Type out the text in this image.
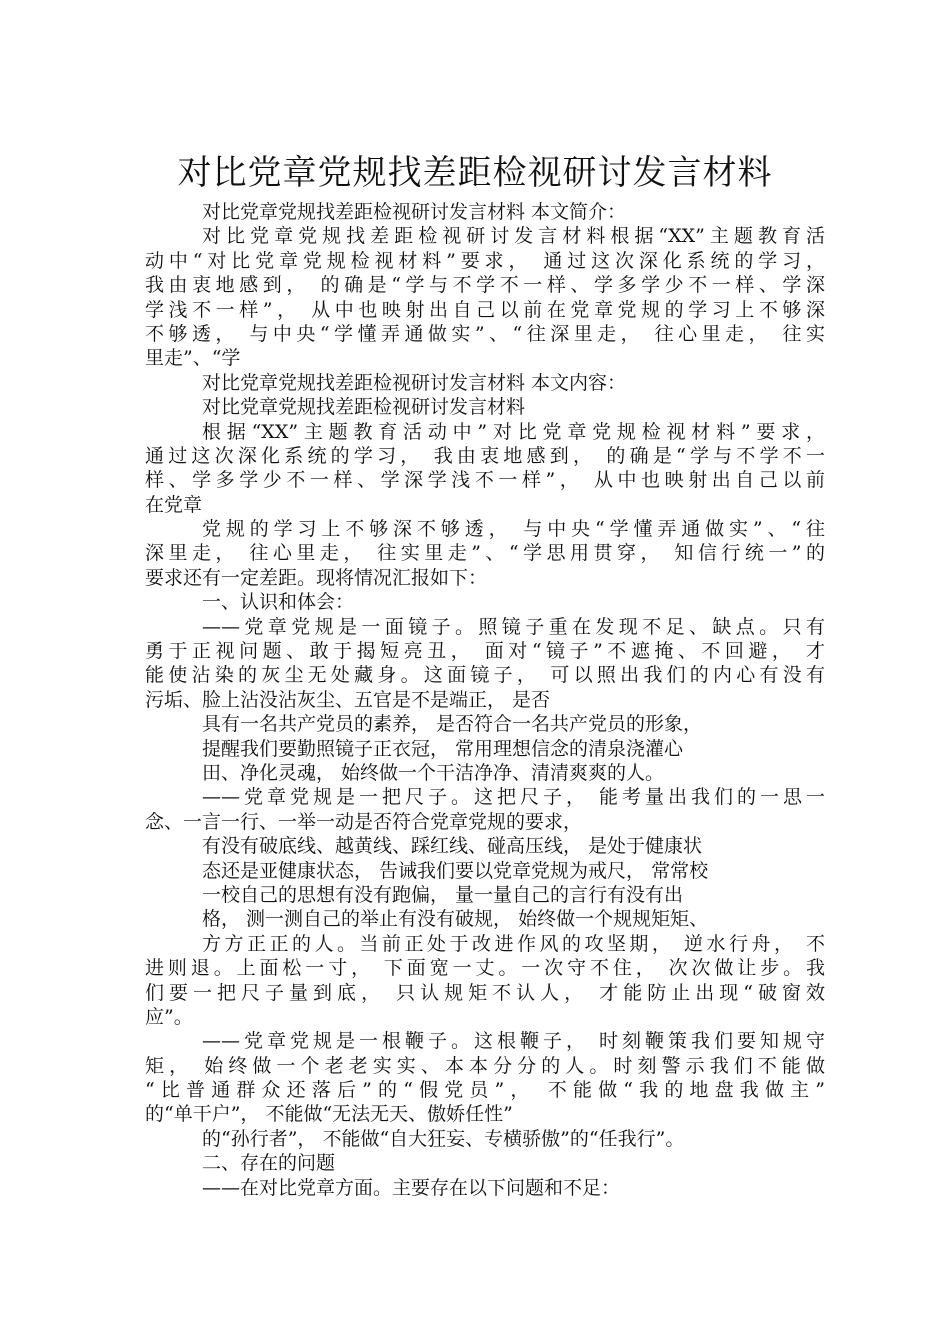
对比党章党规找差距检视研讨发言材料
对比党章党规找差距检视研讨发言材料 本文简介：
对比党章党规找差距检视研讨发言材料根据“XX”主题教育活
动中“对比党章党规检视材料”要求， 通过这次深化系统的学习，
我由衷地感到， 的确是“学与不学不一样、学多学少不一样、学深
学浅不一样”， 从中也映射出自己以前在党章党规的学习上不够深
不够透， 与中央“学懂弄通做实”、“往深里走， 往心里走， 往实
里走”、“学
对比党章党规找差距检视研讨发言材料 本文内容：
对比党章党规找差距检视研讨发言材料
根据“XX”主题教育活动中”对比党章党规检视材料”要求，
通过这次深化系统的学习， 我由衷地感到， 的确是“学与不学不一
样、学多学少不一样、学深学浅不一样”， 从中也映射出自己以前
在党章
党规的学习上不够深不够透， 与中央“学懂弄通做实”、“往
深里走， 往心里走， 往实里走”、“学思用贯穿， 知信行统一”的
要求还有一定差距。现将情况汇报如下：
一、认识和体会：
——党章党规是一面镜子。照镜子重在发现不足、缺点。只有
勇于正视问题、敢于揭短亮丑， 面对“镜子”不遮掩、不回避， 才
能使沾染的灰尘无处藏身。这面镜子， 可以照出我们的内心有没有
污垢、脸上沾没沾灰尘、五官是不是端正， 是否
具有一名共产党员的素养， 是否符合一名共产党员的形象，
提醒我们要勤照镜子正衣冠， 常用理想信念的清泉浇灌心
田、净化灵魂， 始终做一个干洁净净、清清爽爽的人。
——党章党规是一把尺子。这把尺子， 能考量出我们的一思一
念、一言一行、一举一动是否符合党章党规的要求，
有没有破底线、越黄线、踩红线、碰高压线， 是处于健康状
态还是亚健康状态， 告诫我们要以党章党规为戒尺， 常常校
一校自己的思想有没有跑偏， 量一量自己的言行有没有出
格， 测一测自己的举止有没有破规， 始终做一个规规矩矩、
方方正正的人。当前正处于改进作风的攻坚期， 逆水行舟， 不
进则退。上面松一寸， 下面宽一丈。一次守不住， 次次做让步。我
们要一把尺子量到底， 只认规矩不认人， 才能防止出现“破窗效
应”。
——党章党规是一根鞭子。这根鞭子， 时刻鞭策我们要知规守
矩， 始终做一个老老实实、本本分分的人。时刻警示我们不能做
“比普通群众还落后”的“假党员”， 不能做“我的地盘我做主”
的“单干户”， 不能做“无法无天、傲娇任性”
的“孙行者”， 不能做“自大狂妄、专横骄傲”的“任我行”。
二、存在的问题
——在对比党章方面。主要存在以下问题和不足：
